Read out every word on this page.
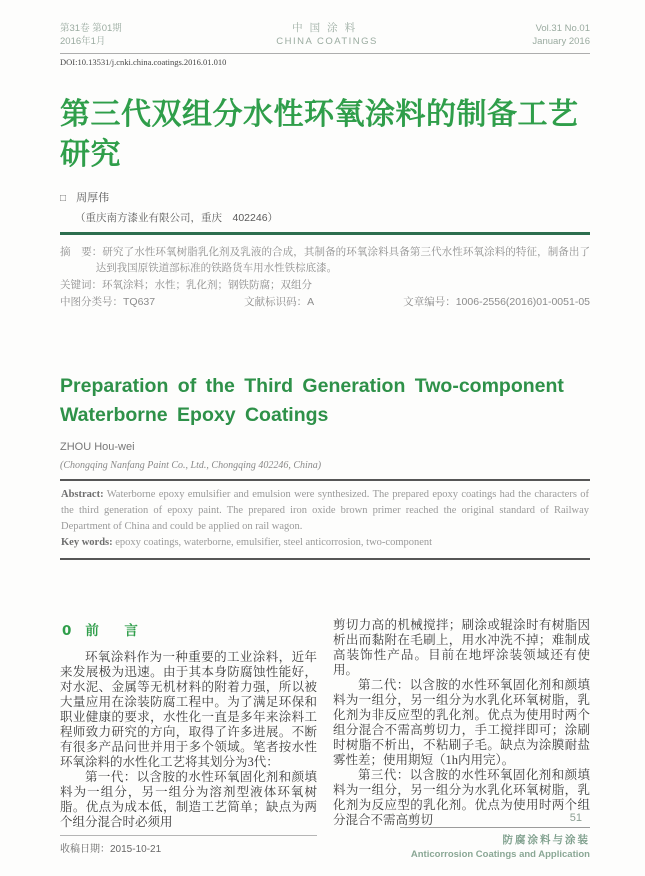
第31卷 第01期
2016年1月
中国涂料
CHINA COATINGS
Vol.31 No.01
January 2016
DOI:10.13531/j.cnki.china.coatings.2016.01.010
第三代双组分水性环氧涂料的制备工艺研究
□ 周厚伟
（重庆南方漆业有限公司，重庆　402246）

摘　要：研究了水性环氧树脂乳化剂及乳液的合成，其制备的环氧涂料具备第三代水性环氧涂料的特征，制备出了达到我国原铁道部标准的铁路货车用水性铁棕底漆。

关键词：环氧涂料；水性；乳化剂；钢铁防腐；双组分

中图分类号：TQ637	文献标识码：A	文章编号：1006-2556(2016)01-0051-05
Preparation of the Third Generation Two-component Waterborne Epoxy Coatings
ZHOU Hou-wei
(Chongqing Nanfang Paint Co., Ltd., Chongqing 402246, China)

Abstract: Waterborne epoxy emulsifier and emulsion were synthesized. The prepared epoxy coatings had the characters of the third generation of epoxy paint. The prepared iron oxide brown primer reached the original standard of Railway Department of China and could be applied on rail wagon.

Key words: epoxy coatings, waterborne, emulsifier, steel anticorrosion, two-component

0 前　言

环氧涂料作为一种重要的工业涂料，近年来发展极为迅速。由于其本身防腐蚀性能好，对水泥、金属等无机材料的附着力强，所以被大量应用在涂装防腐工程中。为了满足环保和职业健康的要求，水性化一直是多年来涂料工程师致力研究的方向，取得了许多进展。不断有很多产品问世并用于多个领域。笔者按水性环氧涂料的水性化工艺将其划分为3代：

第一代：以含胺的水性环氧固化剂和颜填料为一组分，另一组分为溶剂型液体环氧树脂。优点为成本低，制造工艺简单；缺点为两个组分混合时必须用

收稿日期：2015-10-21

剪切力高的机械搅拌；刷涂或辊涂时有树脂因析出而黏附在毛刷上，用水冲洗不掉；难制成高装饰性产品。目前在地坪涂装领域还有使用。

第二代：以含胺的水性环氧固化剂和颜填料为一组分，另一组分为水乳化环氧树脂，乳化剂为非反应型的乳化剂。优点为使用时两个组分混合不需高剪切力，手工搅拌即可；涂刷时树脂不析出，不粘刷子毛。缺点为涂膜耐盐雾性差；使用期短（1h内用完）。

第三代：以含胺的水性环氧固化剂和颜填料为一组分，另一组分为水乳化环氧树脂，乳化剂为反应型的乳化剂。优点为使用时两个组分混合不需高剪切	51
防腐涂料与涂装
Anticorrosion Coatings and Application
